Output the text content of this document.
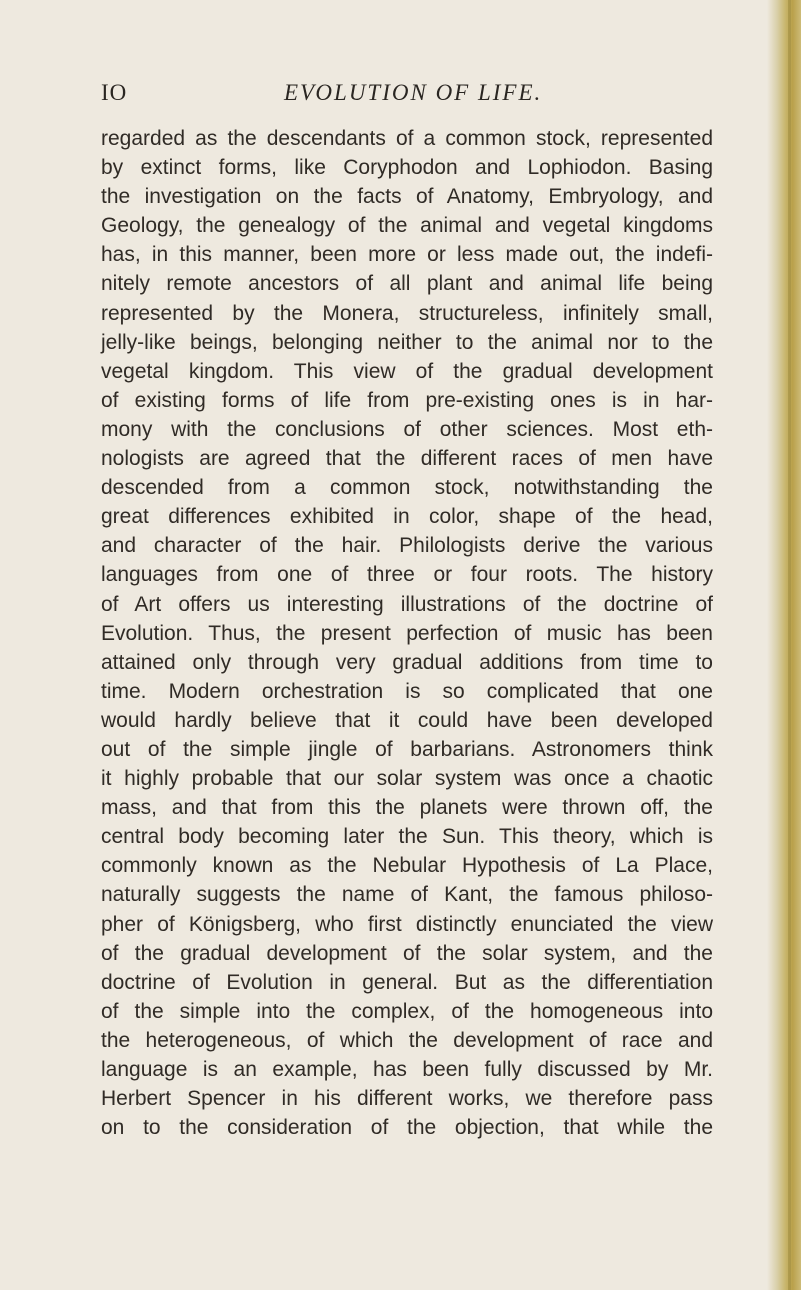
IO	EVOLUTION OF LIFE.
regarded as the descendants of a common stock, represented
by extinct forms, like Coryphodon and Lophiodon. Basing
the investigation on the facts of Anatomy, Embryology, and
Geology, the genealogy of the animal and vegetal kingdoms
has, in this manner, been more or less made out, the indefi-
nitely remote ancestors of all plant and animal life being
represented by the Monera, structureless, infinitely small,
jelly-like beings, belonging neither to the animal nor to the
vegetal kingdom. This view of the gradual development
of existing forms of life from pre-existing ones is in har-
mony with the conclusions of other sciences. Most eth-
nologists are agreed that the different races of men have
descended from a common stock, notwithstanding the
great differences exhibited in color, shape of the head,
and character of the hair. Philologists derive the various
languages from one of three or four roots. The history
of Art offers us interesting illustrations of the doctrine of
Evolution. Thus, the present perfection of music has been
attained only through very gradual additions from time to
time. Modern orchestration is so complicated that one
would hardly believe that it could have been developed
out of the simple jingle of barbarians. Astronomers think
it highly probable that our solar system was once a chaotic
mass, and that from this the planets were thrown off, the
central body becoming later the Sun. This theory, which is
commonly known as the Nebular Hypothesis of La Place,
naturally suggests the name of Kant, the famous philoso-
pher of Königsberg, who first distinctly enunciated the view
of the gradual development of the solar system, and the
doctrine of Evolution in general. But as the differentiation
of the simple into the complex, of the homogeneous into
the heterogeneous, of which the development of race and
language is an example, has been fully discussed by Mr.
Herbert Spencer in his different works, we therefore pass
on to the consideration of the objection, that while the
